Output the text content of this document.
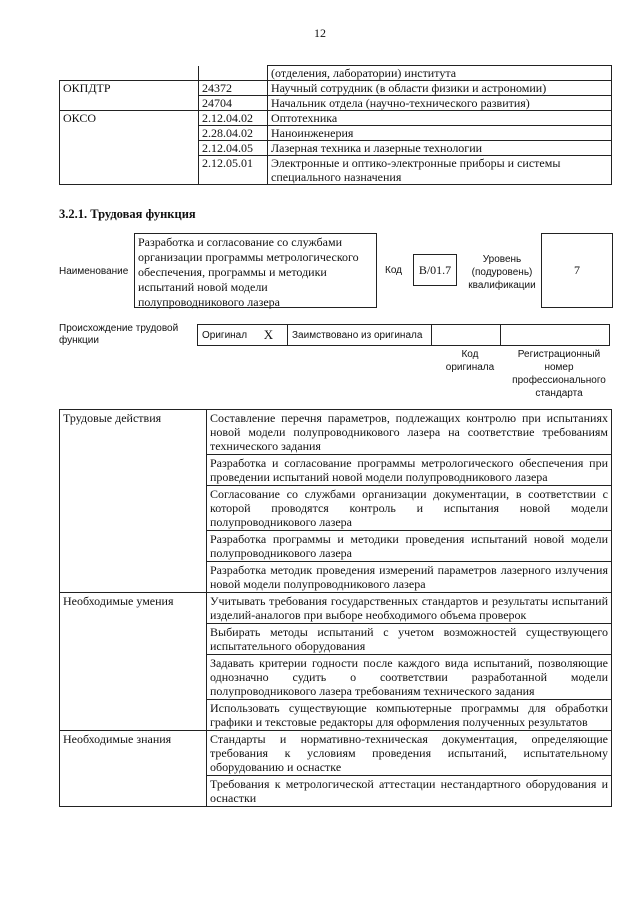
12
		(отделения, лаборатории) института
ОКПДТР	24372	Научный сотрудник (в области физики и астрономии)
	24704	Начальник отдела (научно-технического развития)
ОКСО	2.12.04.02	Оптотехника
	2.28.04.02	Наноинженерия
	2.12.04.05	Лазерная техника и лазерные технологии
	2.12.05.01	Электронные и оптико-электронные приборы и системы специального назначения
3.2.1. Трудовая функция
Наименование
Разработка и согласование со службами организации программы метрологического обеспечения, программы и методики испытаний новой модели полупроводникового лазера
Код	B/01.7
Уровень (подуровень) квалификации
7
Происхождение трудовой функции	Оригинал	X	Заимствовано из оригинала
Код оригинала
Регистрационный номер профессионального стандарта
Трудовые действия	Составление перечня параметров, подлежащих контролю при испытаниях новой модели полупроводникового лазера на соответствие требованиям технического задания
	Разработка и согласование программы метрологического обеспечения при проведении испытаний новой модели полупроводникового лазера
	Согласование со службами организации документации, в соответствии с которой проводятся контроль и испытания новой модели полупроводникового лазера
	Разработка программы и методики проведения испытаний новой модели полупроводникового лазера
	Разработка методик проведения измерений параметров лазерного излучения новой модели полупроводникового лазера
Необходимые умения	Учитывать требования государственных стандартов и результаты испытаний изделий-аналогов при выборе необходимого объема проверок
	Выбирать методы испытаний с учетом возможностей существующего испытательного оборудования
	Задавать критерии годности после каждого вида испытаний, позволяющие однозначно судить о соответствии разработанной модели полупроводникового лазера требованиям технического задания
	Использовать существующие компьютерные программы для обработки графики и текстовые редакторы для оформления полученных результатов
Необходимые знания	Стандарты и нормативно-техническая документация, определяющие требования к условиям проведения испытаний, испытательному оборудованию и оснастке
	Требования к метрологической аттестации нестандартного оборудования и оснастки
